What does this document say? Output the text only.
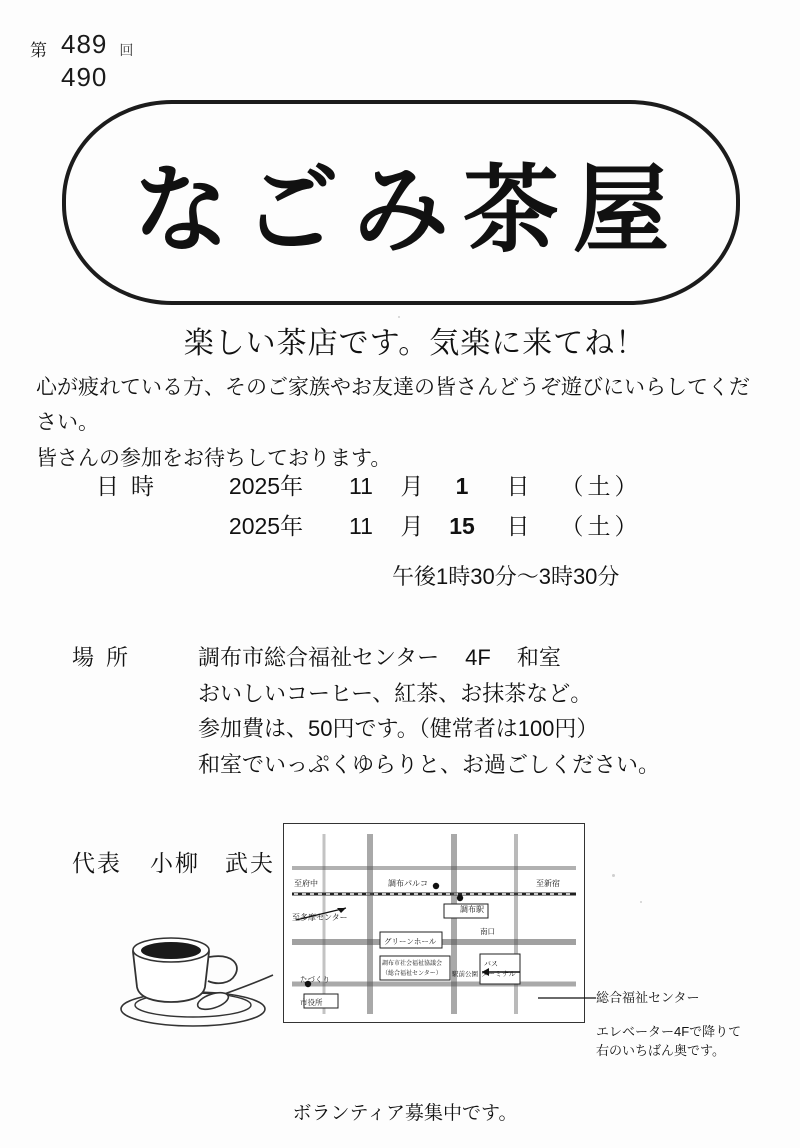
第 489
490
回
なごみ茶屋
楽しい茶店です。気楽に来てね！
心が疲れている方、そのご家族やお友達の皆さんどうぞ遊びにいらしてください。
皆さんの参加をお待ちしております。
日時	2025年	11	月	1	日	（土）
2025年	11	月	15	日	（土）
午後1時30分〜3時30分
場所	調布市総合福祉センター 4F 和室
おいしいコーヒー、紅茶、お抹茶など。
参加費は、50円です。（健常者は100円）
和室でいっぷくゆらりと、お過ごしください。
代表 小柳　武夫
至府中	至新宿
至多摩センター
調布パルコ
調布駅
南口
グリーンホール
調布市社会福祉協議会
（総合福祉センター）
バス
ターミナル
駅前公園
たづくり
市役所	総合福祉センター
エレベーター4Fで降りて
右のいちばん奥です。
ボランティア募集中です。
